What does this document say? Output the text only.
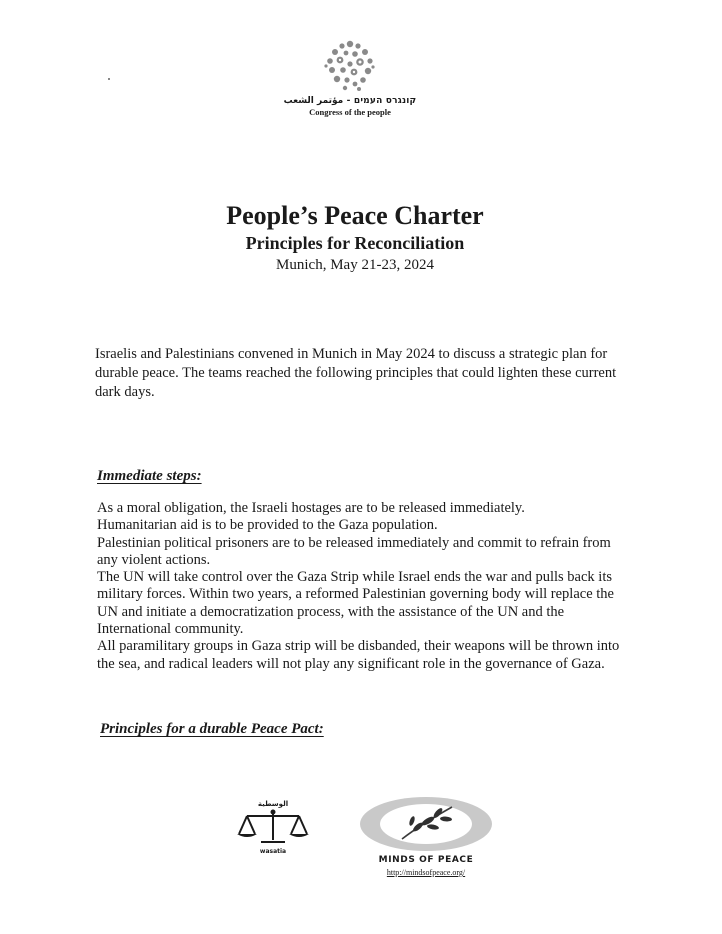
קונגרס העמים - مؤتمر الشعب
Congress of the people
People’s Peace Charter
Principles for Reconciliation
Munich, May 21-23, 2024
Israelis and Palestinians convened in Munich in May 2024 to discuss a strategic plan for durable peace. The teams reached the following principles that could lighten these current dark days.
Immediate steps:

As a moral obligation, the Israeli hostages are to be released immediately.

Humanitarian aid is to be provided to the Gaza population.

Palestinian political prisoners are to be released immediately and commit to refrain from any violent actions.

The UN will take control over the Gaza Strip while Israel ends the war and pulls back its military forces. Within two years, a reformed Palestinian governing body will replace the UN and initiate a democratization process, with the assistance of the UN and the International community.

All paramilitary groups in Gaza strip will be disbanded, their weapons will be thrown into the sea, and radical leaders will not play any significant role in the governance of Gaza.

Principles for a durable Peace Pact:
الوسطية
wasatia
MINDS OF PEACE
http://mindsofpeace.org/
